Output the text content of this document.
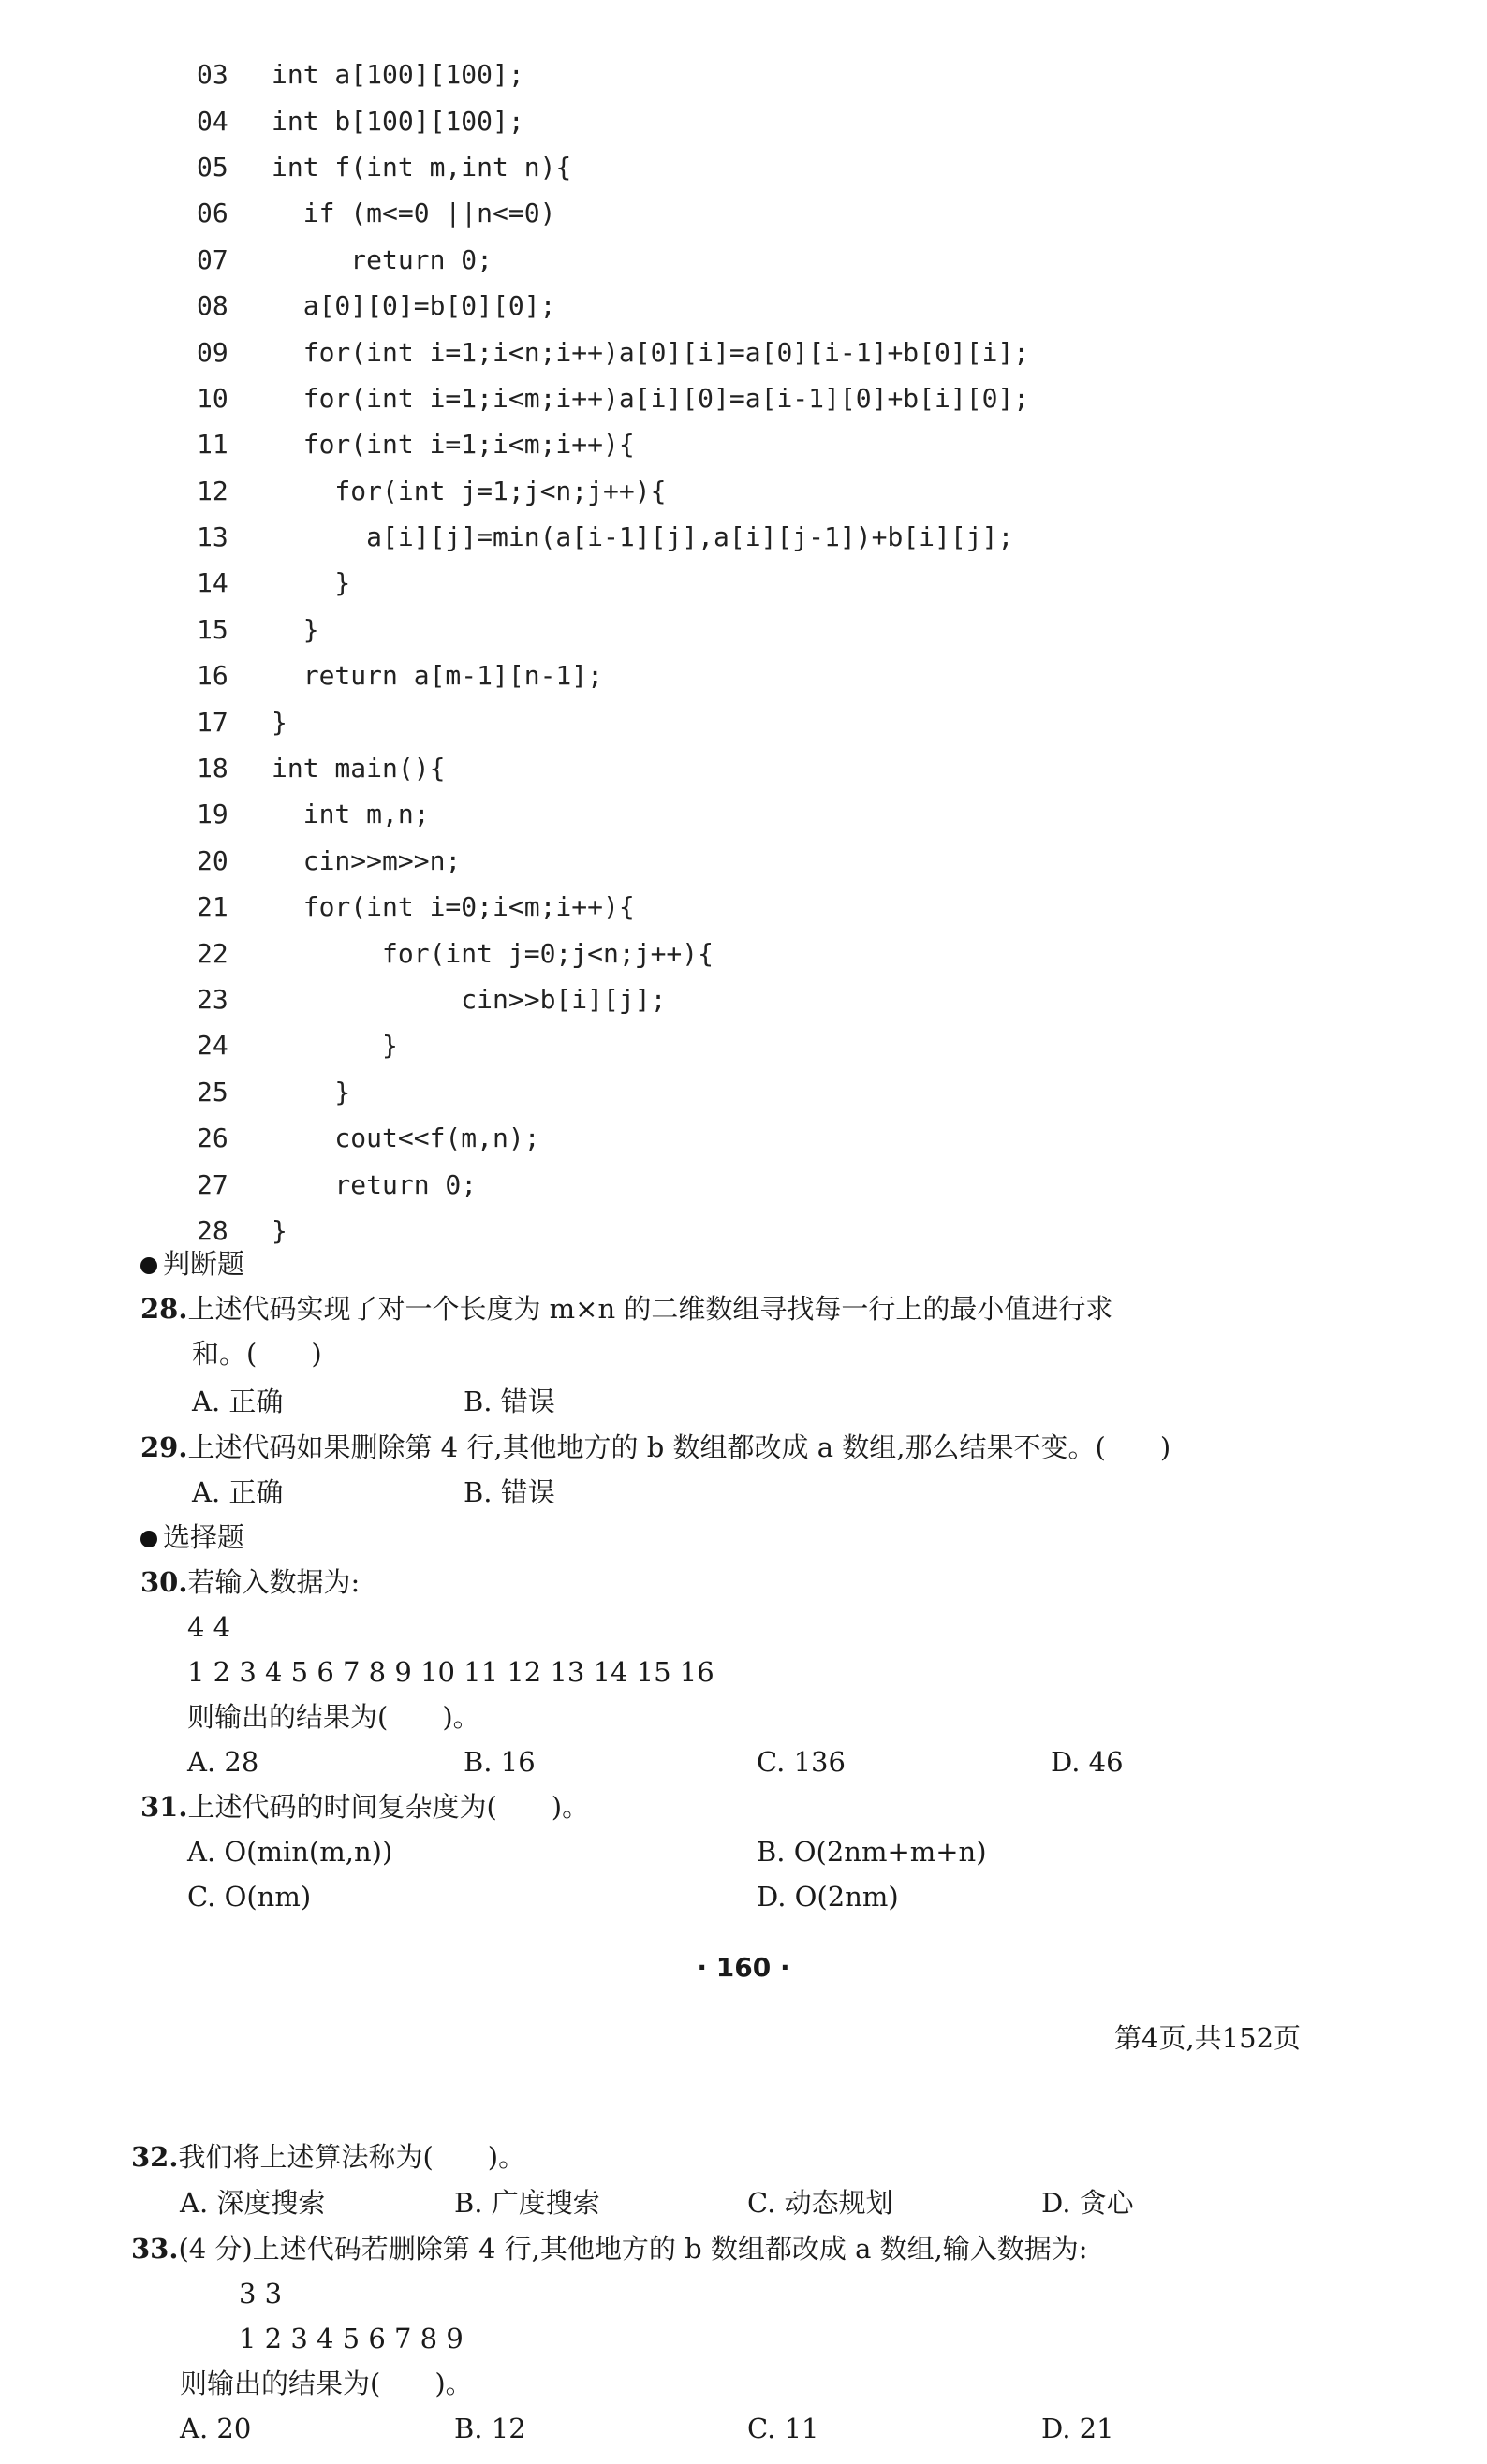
03	int a[100][100];
04	int b[100][100];
05	int f(int m,int n){
06	if (m<=0 ||n<=0)
07	return 0;
08	a[0][0]=b[0][0];
09	for(int i=1;i<n;i++)a[0][i]=a[0][i-1]+b[0][i];
10	for(int i=1;i<m;i++)a[i][0]=a[i-1][0]+b[i][0];
11	for(int i=1;i<m;i++){
12	for(int j=1;j<n;j++){
13	a[i][j]=min(a[i-1][j],a[i][j-1])+b[i][j];
14	}
15	}
16	return a[m-1][n-1];
17	}
18	int main(){
19	int m,n;
20	cin>>m>>n;
21	for(int i=0;i<m;i++){
22	for(int j=0;j<n;j++){
23	cin>>b[i][j];
24	}
25	}
26	cout<<f(m,n);
27	return 0;
28	}
判断题
28.上述代码实现了对一个长度为 m×n 的二维数组寻找每一行上的最小值进行求
和。(　　)
A. 正确	B. 错误
29.上述代码如果删除第 4 行,其他地方的 b 数组都改成 a 数组,那么结果不变。(　　)
A. 正确	B. 错误
选择题
30.若输入数据为:
4 4
1 2 3 4 5 6 7 8 9 10 11 12 13 14 15 16
则输出的结果为(　　)。
A. 28	B. 16	C. 136	D. 46
31.上述代码的时间复杂度为(　　)。
A. O(min(m,n))	B. O(2nm+m+n)
C. O(nm)	D. O(2nm)
· 160 ·
第4页,共152页
32.我们将上述算法称为(　　)。
A. 深度搜索	B. 广度搜索	C. 动态规划	D. 贪心
33.(4 分)上述代码若删除第 4 行,其他地方的 b 数组都改成 a 数组,输入数据为:
3 3
1 2 3 4 5 6 7 8 9
则输出的结果为(　　)。
A. 20	B. 12	C. 11	D. 21
